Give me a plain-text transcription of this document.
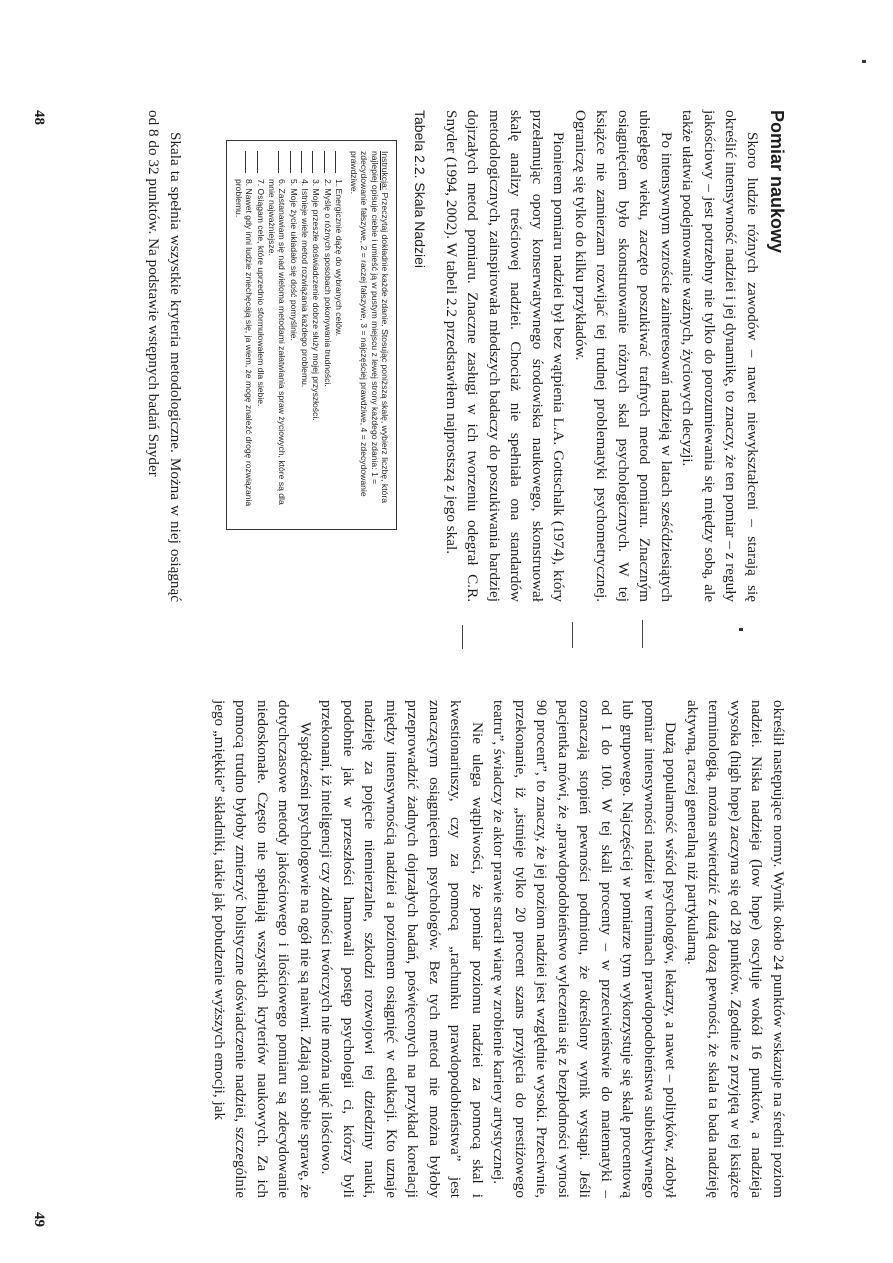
Pomiar naukowy

Skoro ludzie różnych zawodów – nawet niewykształceni – starają się określić intensywność nadziei i jej dynamikę, to znaczy, że ten pomiar – z reguły jakościowy – jest potrzebny nie tylko do porozumiewania się między sobą, ale także ułatwia podejmowanie ważnych, życiowych decyzji.

Po intensywnym wzroście zainteresowań nadzieją w latach sześćdziesiątych ubiegłego wieku, zaczęto poszukiwać trafnych metod pomiaru. Znaczným osiągnięciem było skonstruowanie różnych skal psychologicznych. W tej książce nie zamierzam rozwijać tej trudnej problematyki psychometrycznej. Ograniczę się tylko do kilku przykładów.

Pionierem pomiaru nadziei był bez wątpienia L.A. Gottschalk (1974), który przełamując opory konserwatywnego środowiska naukowego, skonstruował skalę analizy treściowej nadziei. Chociaż nie spełniała ona standardów metodologicznych, zainspirowała młodszych badaczy do poszukiwania bardziej dojrzałych metod pomiaru. Znaczne zasługi w ich tworzeniu odegrał C.R. Snyder (1994, 2002). W tabeli 2.2 przedstawiłem najprostszą z jego skal.

Tabela 2.2. Skala Nadziei

Instrukcja: Przeczytaj dokładnie każde zdanie. Stosując poniższą skalę, wybierz liczbę, która najlepiej opisuje ciebie i umieść ją w pustym miejscu z lewej strony każdego zdania: 1 = zdecydowanie fałszywe, 2 = raczej fałszywe, 3 = najczęściej prawdziwe, 4 = zdecydowanie prawdziwe.
1. Energicznie dążę do wybranych celów.
2. Myślę o różnych sposobach pokonywania trudności.
3. Moje przeszłe doświadczenie dobrze służy mojej przyszłości.
4. Istnieje wiele metod rozwiązania każdego problemu.
5. Moje życie układało się dość pomyślnie.
6. Zastanawiam się nad wieloma metodami załatwiania spraw życiowych, które są dla mnie najważniejsze.
7. Osiągam cele, które uprzednio sformułowałem dla siebie.
8. Nawet gdy inni ludzie zniechęcają się, ja wiem, że mogę znaleźć drogę rozwiązania problemu.

Skala ta spełnia wszystkie kryteria metodologiczne. Można w niej osiągnąć od 8 do 32 punktów. Na podstawie wstępnych badań Snyder

48

określił następujące normy. Wynik około 24 punktów wskazuje na średni poziom nadziei. Niska nadzieja (low hope) oscyluje wokół 16 punktów, a nadzieja wysoka (high hope) zaczyna się od 28 punktów. Zgodnie z przyjętą w tej książce terminologią, można stwierdzić z dużą dozą pewności, że skala ta bada nadzieję aktywną, raczej generalną niż partykularną.

Dużą popularność wśród psychologów, lekarzy, a nawet – polityków, zdobył pomiar intensywności nadziei w terminach prawdopodobieństwa subiektywnego lub grupowego. Najczęściej w pomiarze tym wykorzystuje się skalę procentową od 1 do 100. W tej skali procenty – w przeciwieństwie do matematyki – oznaczają stopień pewności podmiotu, że określony wynik wystąpi. Jeśli pacjentka mówi, że „prawdopodobieństwo wyleczenia się z bezpłodności wynosi 90 procent”, to znaczy, że jej poziom nadziei jest względnie wysoki. Przeciwnie, przekonanie, iż „istnieje tylko 20 procent szans przyjęcia do prestiżowego teatru”, świadczy że aktor prawie stracił wiarę w zrobienie kariery artystycznej.

Nie ulega wątpliwości, że pomiar poziomu nadziei za pomocą skal i kwestionariuszy, czy za pomocą „rachunku prawdopodobieństwa” jest znaczącym osiągnięciem psychologów. Bez tych metod nie można byłoby przeprowadzić żadnych dojrzałych badań, poświęconych na przykład korelacji między intensywnością nadziei a poziomem osiągnięć w edukacji. Kto uznaje nadzieję za pojęcie niemierzalne, szkodzi rozwojowi tej dziedziny nauki, podobnie jak w przeszłości hamowali postęp psychologii ci, którzy byli przekonani, iż inteligencji czy zdolności twórczych nie można ująć ilościowo.

Współcześni psychologowie na ogół nie są naiwni. Zdają oni sobie sprawę, że dotychczasowe metody jakościowego i ilościowego pomiaru są zdecydowanie niedoskonałe. Często nie spełniają wszystkich kryteriów naukowych. Za ich pomocą trudno byłoby zmierzyć holistyczne doświadczenie nadziei, szczególnie jego „miękkie” składniki, takie jak pobudzenie wyższych emocji, jak

49
